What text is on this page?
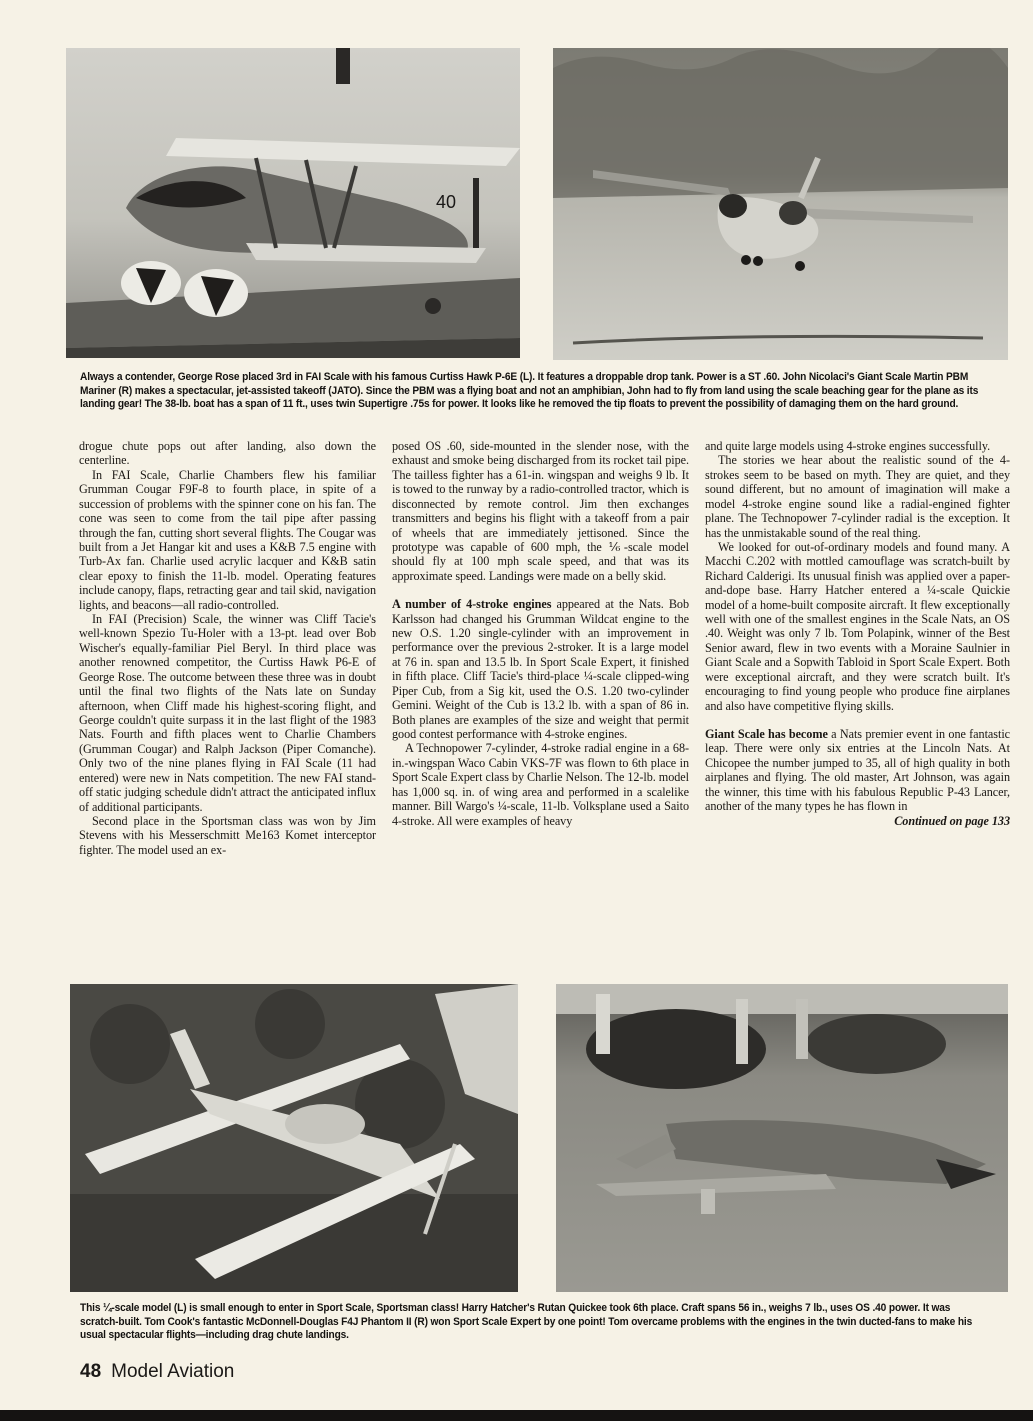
40
Always a contender, George Rose placed 3rd in FAI Scale with his famous Curtiss Hawk P-6E (L). It features a droppable drop tank. Power is a ST .60. John Nicolaci's Giant Scale Martin PBM Mariner (R) makes a spectacular, jet-assisted takeoff (JATO). Since the PBM was a flying boat and not an amphibian, John had to fly from land using the scale beaching gear for the plane as its landing gear! The 38-lb. boat has a span of 11 ft., uses twin Supertigre .75s for power. It looks like he removed the tip floats to prevent the possibility of damaging them on the hard ground.

drogue chute pops out after landing, also down the centerline.

In FAI Scale, Charlie Chambers flew his familiar Grumman Cougar F9F-8 to fourth place, in spite of a succession of problems with the spinner cone on his fan. The cone was seen to come from the tail pipe after passing through the fan, cutting short several flights. The Cougar was built from a Jet Hangar kit and uses a K&B 7.5 engine with Turb-Ax fan. Charlie used acrylic lacquer and K&B satin clear epoxy to finish the 11-lb. model. Operating features include canopy, flaps, retracting gear and tail skid, navigation lights, and beacons—all radio-controlled.

In FAI (Precision) Scale, the winner was Cliff Tacie's well-known Spezio Tu-Holer with a 13-pt. lead over Bob Wischer's equally-familiar Piel Beryl. In third place was another renowned competitor, the Curtiss Hawk P6-E of George Rose. The outcome between these three was in doubt until the final two flights of the Nats late on Sunday afternoon, when Cliff made his highest-scoring flight, and George couldn't quite surpass it in the last flight of the 1983 Nats. Fourth and fifth places went to Charlie Chambers (Grumman Cougar) and Ralph Jackson (Piper Comanche). Only two of the nine planes flying in FAI Scale (11 had entered) were new in Nats competition. The new FAI stand-off static judging schedule didn't attract the anticipated influx of additional participants.

Second place in the Sportsman class was won by Jim Stevens with his Messerschmitt Me163 Komet interceptor fighter. The model used an ex-

posed OS .60, side-mounted in the slender nose, with the exhaust and smoke being discharged from its rocket tail pipe. The tailless fighter has a 61-in. wingspan and weighs 9 lb. It is towed to the runway by a radio-controlled tractor, which is disconnected by remote control. Jim then exchanges transmitters and begins his flight with a takeoff from a pair of wheels that are immediately jettisoned. Since the prototype was capable of 600 mph, the ⅙-scale model should fly at 100 mph scale speed, and that was its approximate speed. Landings were made on a belly skid.

A number of 4-stroke engines appeared at the Nats. Bob Karlsson had changed his Grumman Wildcat engine to the new O.S. 1.20 single-cylinder with an improvement in performance over the previous 2-stroker. It is a large model at 76 in. span and 13.5 lb. In Sport Scale Expert, it finished in fifth place. Cliff Tacie's third-place ¼-scale clipped-wing Piper Cub, from a Sig kit, used the O.S. 1.20 two-cylinder Gemini. Weight of the Cub is 13.2 lb. with a span of 86 in. Both planes are examples of the size and weight that permit good contest performance with 4-stroke engines.

A Technopower 7-cylinder, 4-stroke radial engine in a 68-in.-wingspan Waco Cabin VKS-7F was flown to 6th place in Sport Scale Expert class by Charlie Nelson. The 12-lb. model has 1,000 sq. in. of wing area and performed in a scalelike manner. Bill Wargo's ¼-scale, 11-lb. Volksplane used a Saito 4-stroke. All were examples of heavy

and quite large models using 4-stroke engines successfully.

The stories we hear about the realistic sound of the 4-strokes seem to be based on myth. They are quiet, and they sound different, but no amount of imagination will make a model 4-stroke engine sound like a radial-engined fighter plane. The Technopower 7-cylinder radial is the exception. It has the unmistakable sound of the real thing.

We looked for out-of-ordinary models and found many. A Macchi C.202 with mottled camouflage was scratch-built by Richard Calderigi. Its unusual finish was applied over a paper-and-dope base. Harry Hatcher entered a ¼-scale Quickie model of a home-built composite aircraft. It flew exceptionally well with one of the smallest engines in the Scale Nats, an OS .40. Weight was only 7 lb. Tom Polapink, winner of the Best Senior award, flew in two events with a Moraine Saulnier in Giant Scale and a Sopwith Tabloid in Sport Scale Expert. Both were exceptional aircraft, and they were scratch built. It's encouraging to find young people who produce fine airplanes and also have competitive flying skills.

Giant Scale has become a Nats premier event in one fantastic leap. There were only six entries at the Lincoln Nats. At Chicopee the number jumped to 35, all of high quality in both airplanes and flying. The old master, Art Johnson, was again the winner, this time with his fabulous Republic P-43 Lancer, another of the many types he has flown in

Continued on page 133

This ¼-scale model (L) is small enough to enter in Sport Scale, Sportsman class! Harry Hatcher's Rutan Quickee took 6th place. Craft spans 56 in., weighs 7 lb., uses OS .40 power. It was scratch-built. Tom Cook's fantastic McDonnell-Douglas F4J Phantom II (R) won Sport Scale Expert by one point! Tom overcame problems with the engines in the twin ducted-fans to make his usual spectacular flights—including drag chute landings.
48 Model Aviation
